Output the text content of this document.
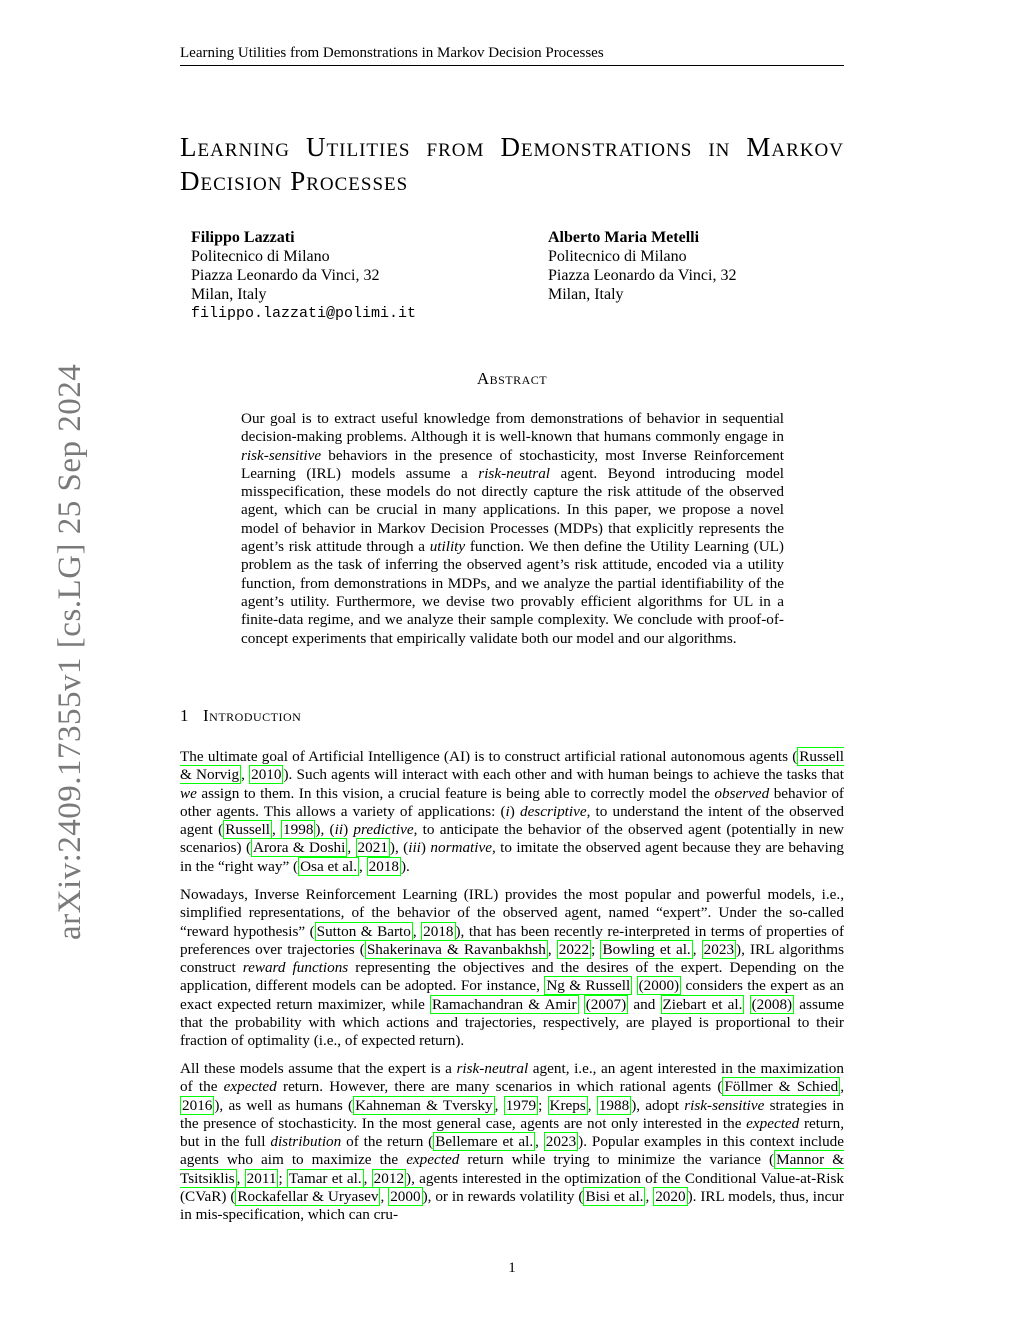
Learning Utilities from Demonstrations in Markov Decision Processes
arXiv:2409.17355v1 [cs.LG] 25 Sep 2024
Learning Utilities from Demonstrations in Markov Decision Processes
Filippo Lazzati
Politecnico di Milano
Piazza Leonardo da Vinci, 32
Milan, Italy
filippo.lazzati@polimi.it
Alberto Maria Metelli
Politecnico di Milano
Piazza Leonardo da Vinci, 32
Milan, Italy
Abstract
Our goal is to extract useful knowledge from demonstrations of behavior in sequential decision-making problems. Although it is well-known that humans commonly engage in risk-sensitive behaviors in the presence of stochasticity, most Inverse Reinforcement Learning (IRL) models assume a risk-neutral agent. Beyond introducing model misspecification, these models do not directly capture the risk attitude of the observed agent, which can be crucial in many applications. In this paper, we propose a novel model of behavior in Markov Decision Processes (MDPs) that explicitly represents the agent’s risk attitude through a utility function. We then define the Utility Learning (UL) problem as the task of inferring the observed agent’s risk attitude, encoded via a utility function, from demonstrations in MDPs, and we analyze the partial identifiability of the agent’s utility. Furthermore, we devise two provably efficient algorithms for UL in a finite-data regime, and we analyze their sample complexity. We conclude with proof-of-concept experiments that empirically validate both our model and our algorithms.
1 Introduction

The ultimate goal of Artificial Intelligence (AI) is to construct artificial rational autonomous agents ( Russell & Norvig , 2010 ). Such agents will interact with each other and with human beings to achieve the tasks that we assign to them. In this vision, a crucial feature is being able to correctly model the observed behavior of other agents. This allows a variety of applications: (i) descriptive, to understand the intent of the observed agent ( Russell , 1998 ), (ii) predictive, to anticipate the behavior of the observed agent (potentially in new scenarios) ( Arora & Doshi , 2021 ), (iii) normative, to imitate the observed agent because they are behaving in the “right way” ( Osa et al. , 2018 ).

Nowadays, Inverse Reinforcement Learning (IRL) provides the most popular and powerful models, i.e., simplified representations, of the behavior of the observed agent, named “expert”. Under the so-called “reward hypothesis” ( Sutton & Barto , 2018 ), that has been recently re-interpreted in terms of properties of preferences over trajectories ( Shakerinava & Ravanbakhsh , 2022 ; Bowling et al. , 2023 ), IRL algorithms construct reward functions representing the objectives and the desires of the expert. Depending on the application, different models can be adopted. For instance, Ng & Russell (2000) considers the expert as an exact expected return maximizer, while Ramachandran & Amir (2007) and Ziebart et al. (2008) assume that the probability with which actions and trajectories, respectively, are played is proportional to their fraction of optimality (i.e., of expected return).

All these models assume that the expert is a risk-neutral agent, i.e., an agent interested in the maximization of the expected return. However, there are many scenarios in which rational agents ( Föllmer & Schied , 2016 ), as well as humans ( Kahneman & Tversky , 1979 ; Kreps , 1988 ), adopt risk-sensitive strategies in the presence of stochasticity. In the most general case, agents are not only interested in the expected return, but in the full distribution of the return ( Bellemare et al. , 2023 ). Popular examples in this context include agents who aim to maximize the expected return while trying to minimize the variance ( Mannor & Tsitsiklis , 2011 ; Tamar et al. , 2012 ), agents interested in the optimization of the Conditional Value-at-Risk (CVaR) ( Rockafellar & Uryasev , 2000 ), or in rewards volatility ( Bisi et al. , 2020 ). IRL models, thus, incur in mis-specification, which can cru-

1
